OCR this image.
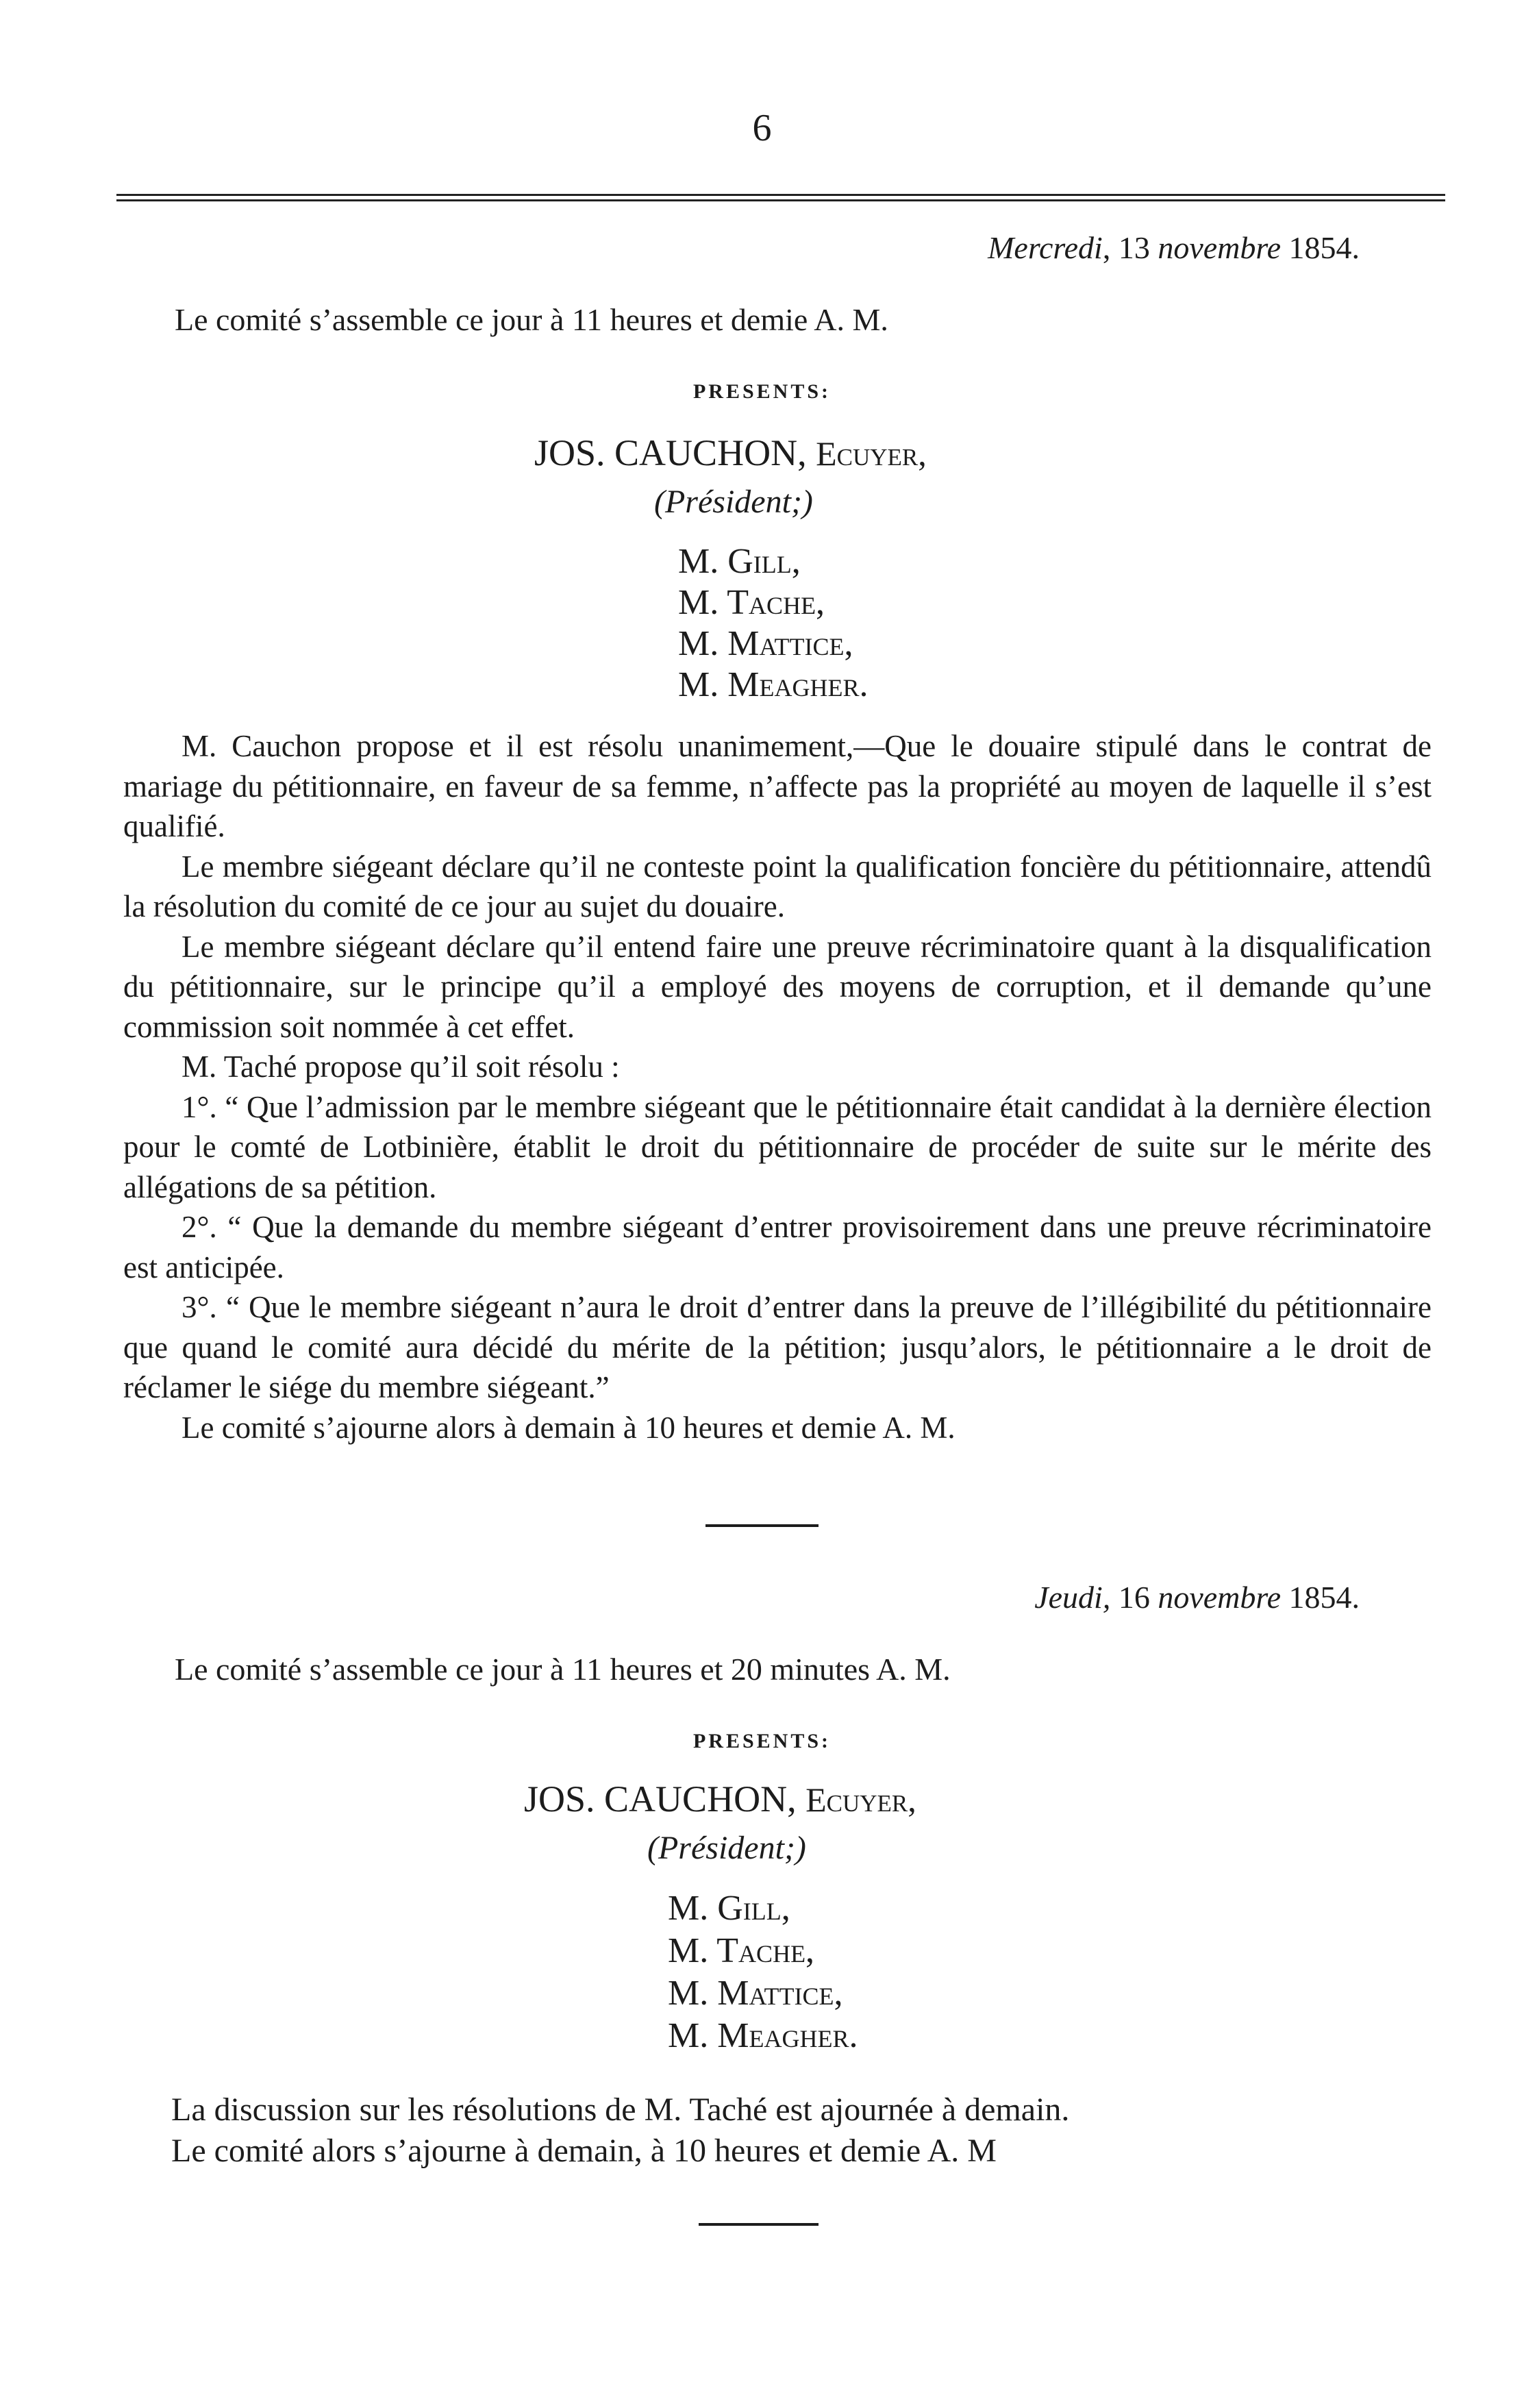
6
Mercredi, 13 novembre 1854.
Le comité s’assemble ce jour à 11 heures et demie A. M.
PRESENTS:
JOS. CAUCHON, Ecuyer,
(Président;)
M. Gill,
M. Tache,
M. Mattice,
M. Meagher.

M. Cauchon propose et il est résolu unanimement,—Que le douaire stipulé dans le contrat de mariage du pétitionnaire, en faveur de sa femme, n’affecte pas la propriété au moyen de laquelle il s’est qualifié.

Le membre siégeant déclare qu’il ne conteste point la qualification foncière du pétitionnaire, attendû la résolution du comité de ce jour au sujet du douaire.

Le membre siégeant déclare qu’il entend faire une preuve récriminatoire quant à la disqualification du pétitionnaire, sur le principe qu’il a employé des moyens de corruption, et il demande qu’une commission soit nommée à cet effet.

M. Taché propose qu’il soit résolu :

1°. “ Que l’admission par le membre siégeant que le pétitionnaire était candidat à la dernière élection pour le comté de Lotbinière, établit le droit du pétitionnaire de procéder de suite sur le mérite des allégations de sa pétition.

2°. “ Que la demande du membre siégeant d’entrer provisoirement dans une preuve récriminatoire est anticipée.

3°. “ Que le membre siégeant n’aura le droit d’entrer dans la preuve de l’illégibilité du pétitionnaire que quand le comité aura décidé du mérite de la pétition; jusqu’alors, le pétitionnaire a le droit de réclamer le siége du membre siégeant.”

Le comité s’ajourne alors à demain à 10 heures et demie A. M.

Jeudi, 16 novembre 1854.
Le comité s’assemble ce jour à 11 heures et 20 minutes A. M.
PRESENTS:
JOS. CAUCHON, Ecuyer,
(Président;)
M. Gill,
M. Tache,
M. Mattice,
M. Meagher.

La discussion sur les résolutions de M. Taché est ajournée à demain.

Le comité alors s’ajourne à demain, à 10 heures et demie A. M
